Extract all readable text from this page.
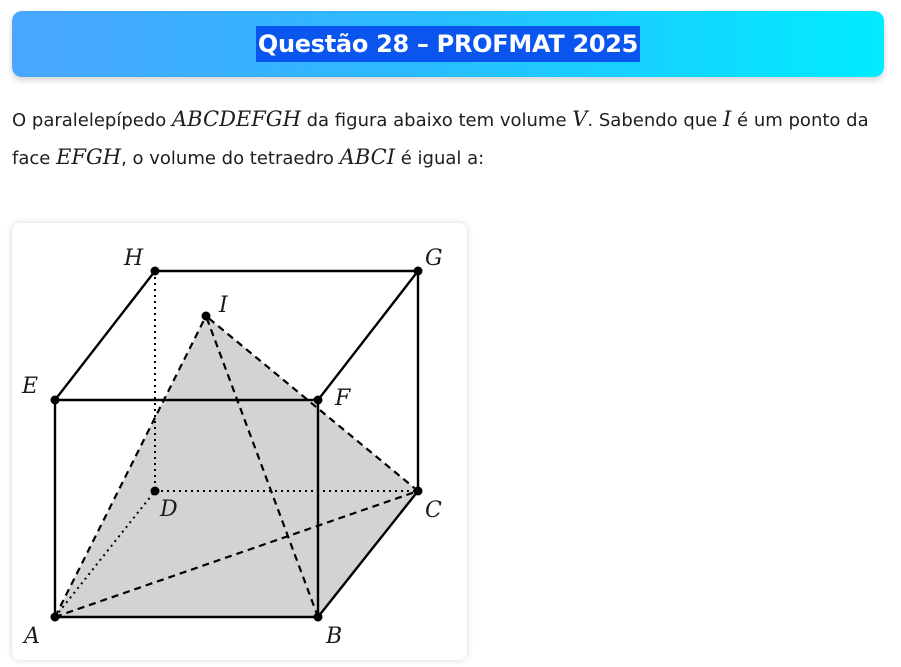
Questão 28 – PROFMAT 2025
O paralelepípedo ABCDEFGH da figura abaixo tem volume V. Sabendo que I é um ponto da face EFGH, o volume do tetraedro ABCI é igual a:
A	B
C
D
E	F
G
H
I
